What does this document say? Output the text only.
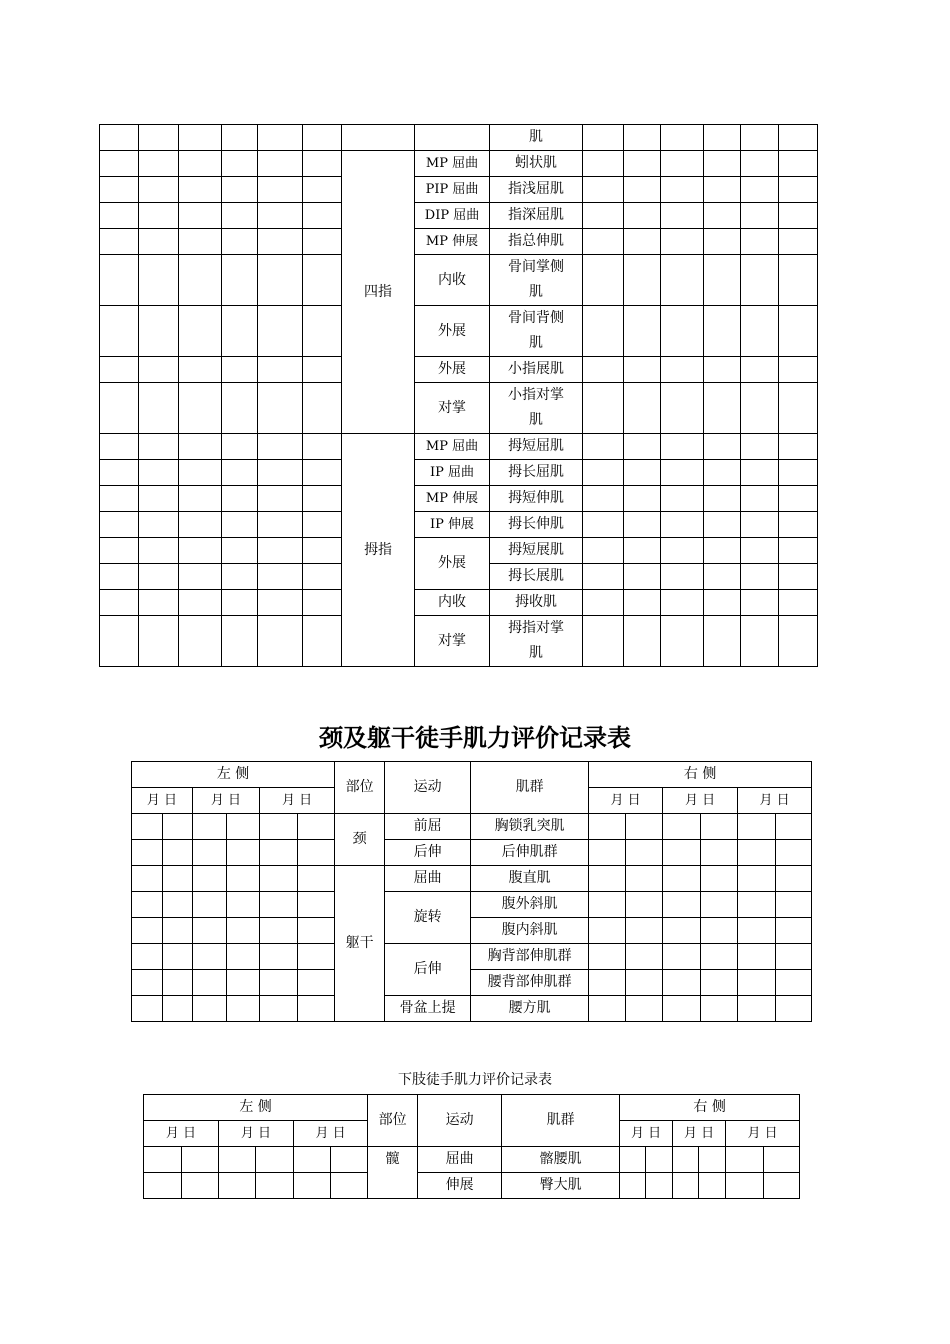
								肌						
						四指	MP 屈曲	蚓状肌						
							PIP 屈曲	指浅屈肌						
							DIP 屈曲	指深屈肌						
							MP 伸展	指总伸肌						
							内收	骨间掌侧肌						
							外展	骨间背侧肌						
							外展	小指展肌						
							对掌	小指对掌肌						
						拇指	MP 屈曲	拇短屈肌						
							IP 屈曲	拇长屈肌						
							MP 伸展	拇短伸肌						
							IP 伸展	拇长伸肌						
							外展	拇短展肌						
								拇长展肌						
							内收	拇收肌						
							对掌	拇指对掌肌						
颈及躯干徒手肌力评价记录表
左 侧						部位	运动	肌群	右 侧					
月 日		月 日		月 日					月 日		月 日		月 日	
						颈	前屈	胸锁乳突肌						
							后伸	后伸肌群						
						躯干	屈曲	腹直肌						
							旋转	腹外斜肌						
								腹内斜肌						
							后伸	胸背部伸肌群						
								腰背部伸肌群						
							骨盆上提	腰方肌						
下肢徒手肌力评价记录表
左 侧						部位	运动	肌群	右 侧					
月 日		月 日		月 日					月 日		月 日		月 日	
						髋	屈曲	髂腰肌						
							伸展	臀大肌						
